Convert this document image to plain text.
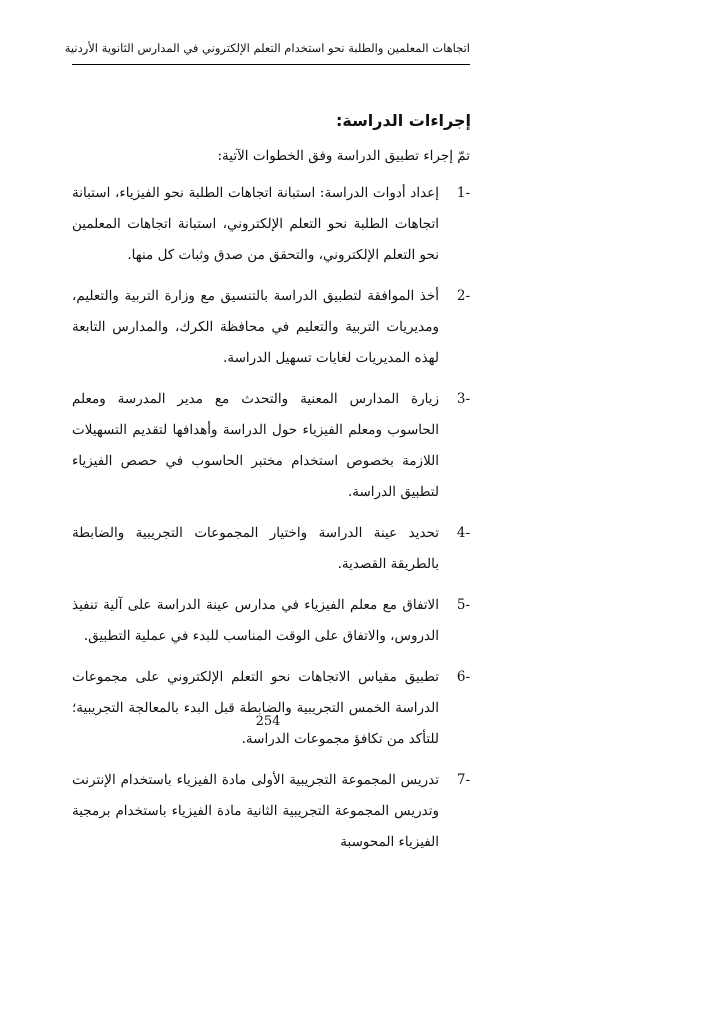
اتجاهات المعلمين والطلبة نحو استخدام التعلم الإلكتروني في المدارس الثانوية الأردنية
إجراءات الدراسة:
تمّ إجراء تطبيق الدراسة وفق الخطوات الآتية:
-1
إعداد أدوات الدراسة: استبانة اتجاهات الطلبة نحو الفيزياء، استبانة اتجاهات الطلبة نحو التعلم الإلكتروني، استبانة اتجاهات المعلمين نحو التعلم الإلكتروني، والتحقق من صدق وثبات كل منها.
-2
أخذ الموافقة لتطبيق الدراسة بالتنسيق مع وزارة التربية والتعليم، ومديريات التربية والتعليم في محافظة الكرك، والمدارس التابعة لهذه المديريات لغايات تسهيل الدراسة.
-3
زيارة المدارس المعنية والتحدث مع مدير المدرسة ومعلم الحاسوب ومعلم الفيزياء حول الدراسة وأهدافها لتقديم التسهيلات اللازمة بخصوص استخدام مختبر الحاسوب في حصص الفيزياء لتطبيق الدراسة.
-4
تحديد عينة الدراسة واختيار المجموعات التجريبية والضابطة بالطريقة القصدية.
-5
الاتفاق مع معلم الفيزياء في مدارس عينة الدراسة على آلية تنفيذ الدروس، والاتفاق على الوقت المناسب للبدء في عملية التطبيق.
-6
تطبيق مقياس الاتجاهات نحو التعلم الإلكتروني على مجموعات الدراسة الخمس التجريبية والضابطة قبل البدء بالمعالجة التجريبية؛ للتأكد من تكافؤ مجموعات الدراسة.
-7
تدريس المجموعة التجريبية الأولى مادة الفيزياء باستخدام الإنترنت وتدريس المجموعة التجريبية الثانية مادة الفيزياء باستخدام برمجية الفيزياء المحوسبة
254
